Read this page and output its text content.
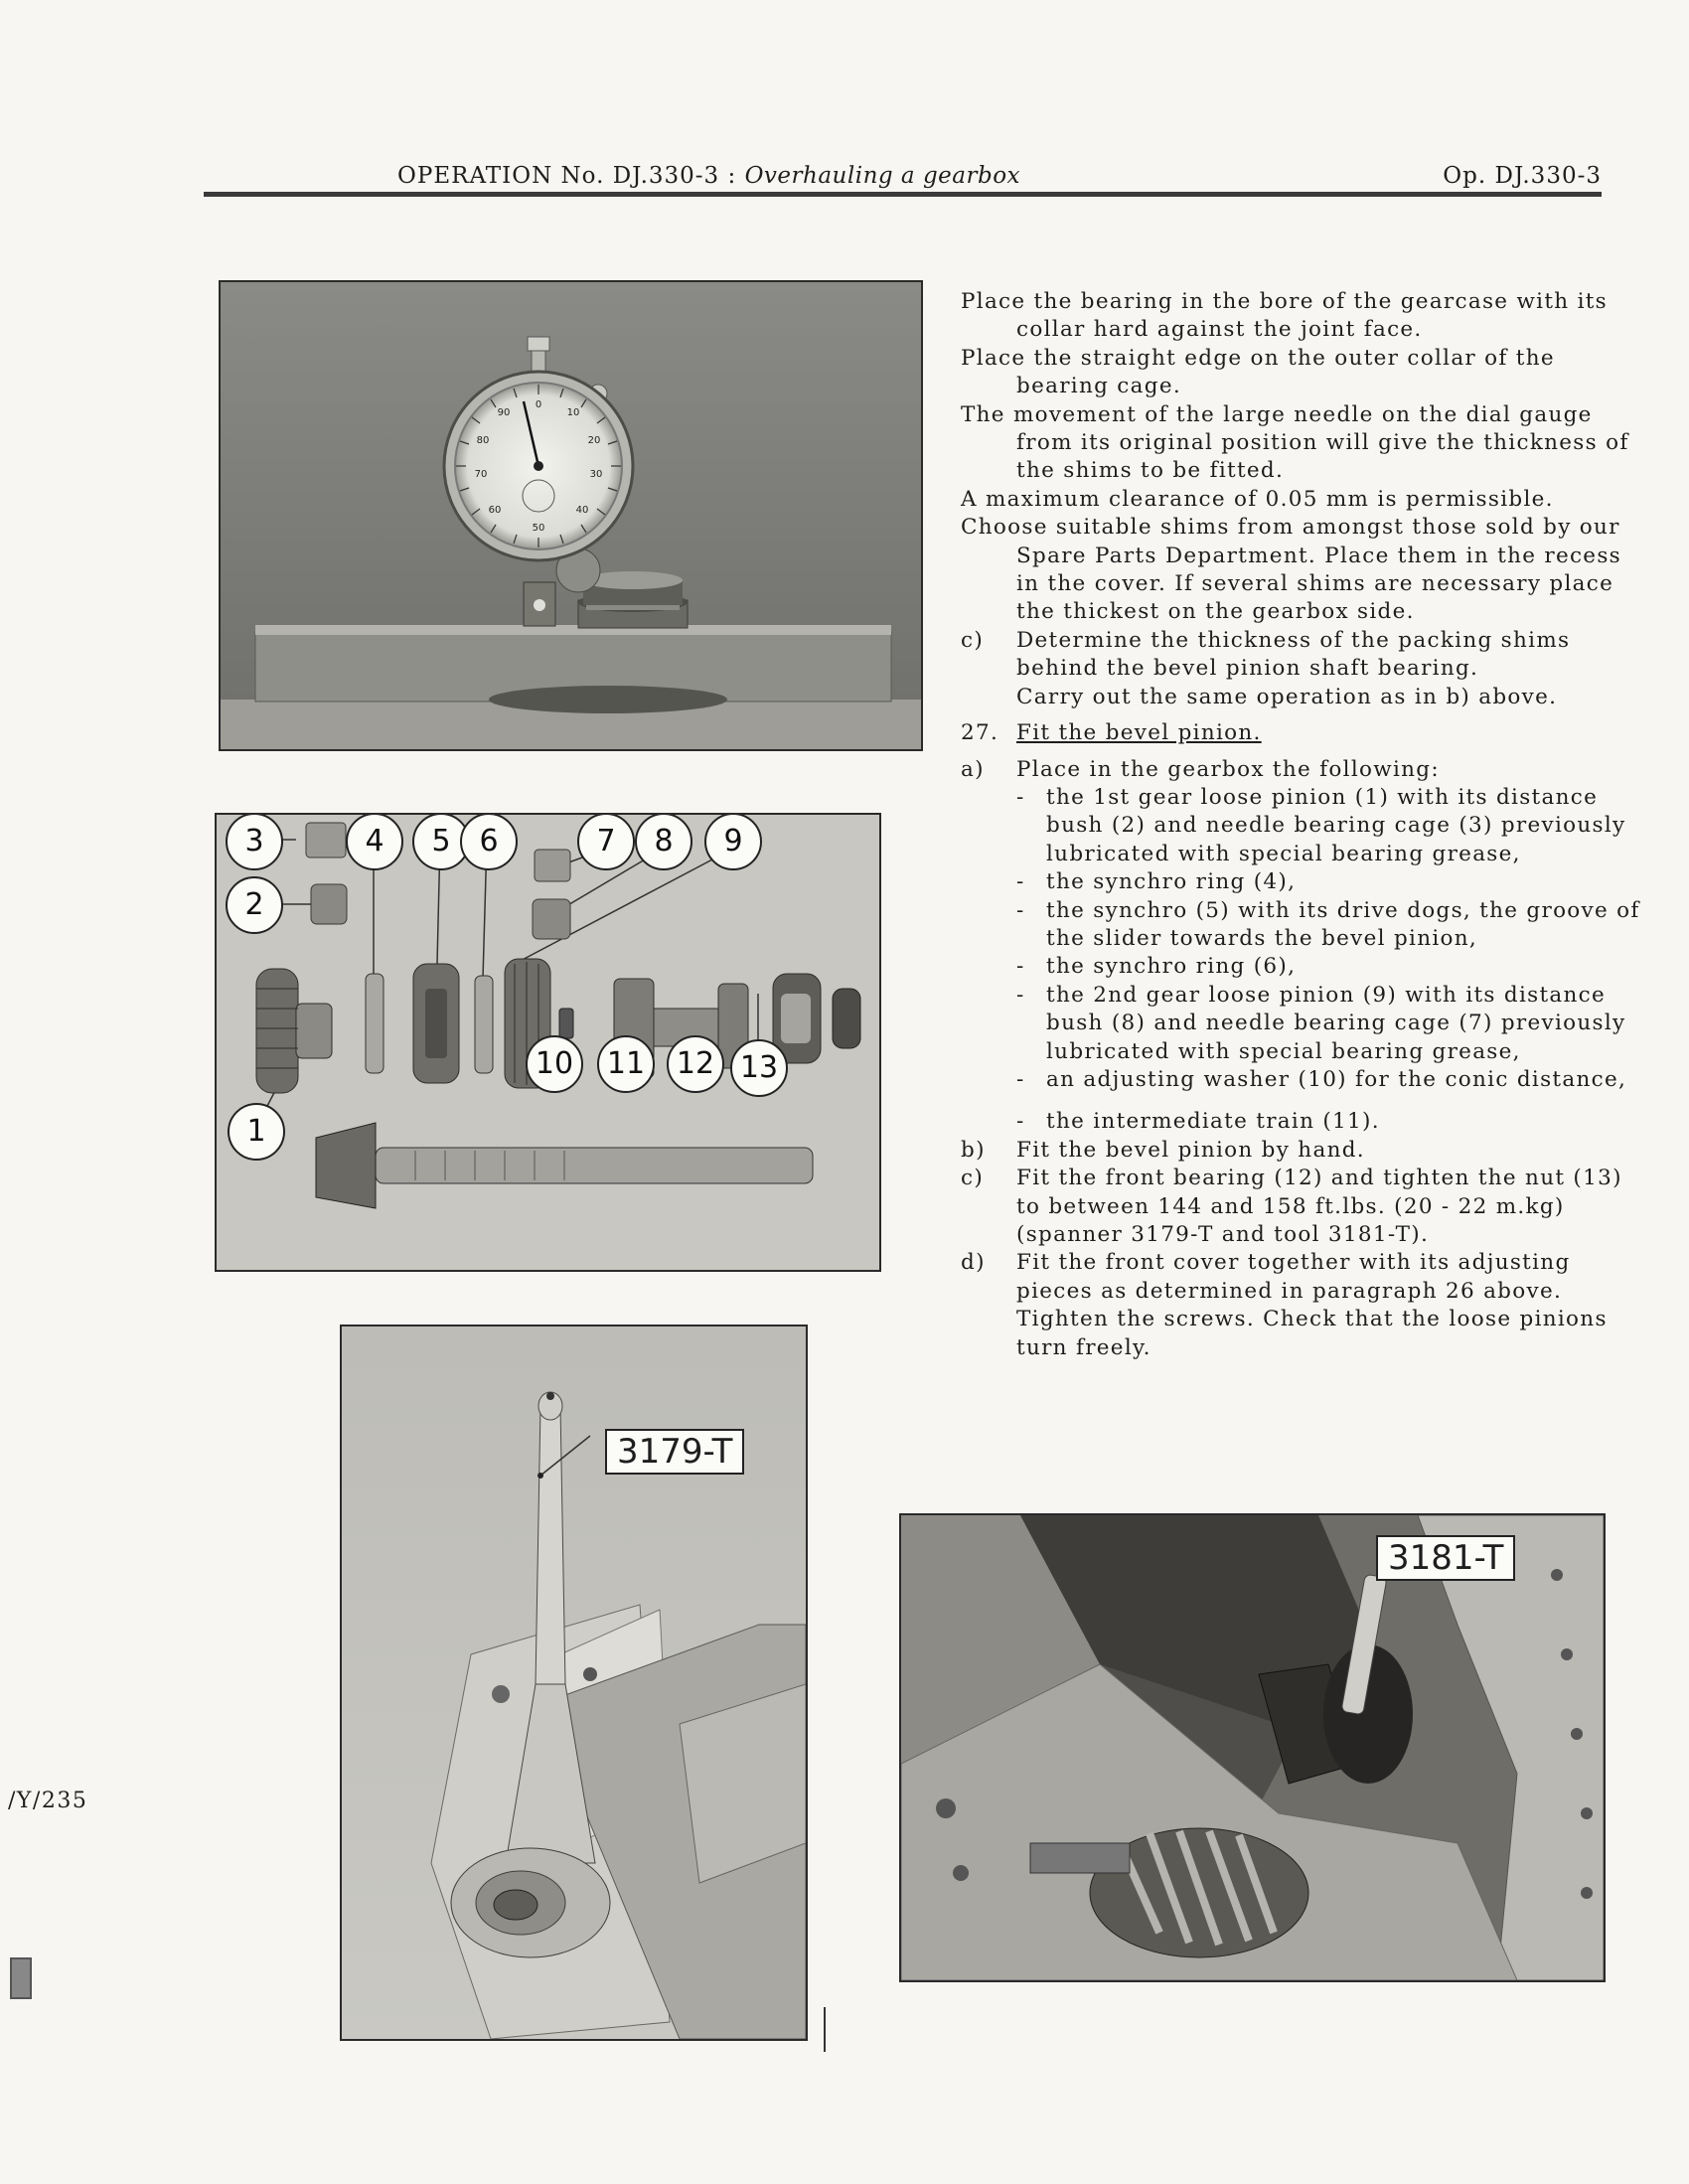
OPERATION No. DJ.330-3 : Overhauling a gearbox	Op. DJ.330-3
0
10
20
30
40
50
60
70
80
90
3	4	5 6	7	8	9
2
10	11	12 13
1
3179-T
3181-T

Place the bearing in the bore of the gearcase with its collar hard against the joint face.

Place the straight edge on the outer collar of the bearing cage.

The movement of the large needle on the dial gauge from its original position will give the thickness of the shims to be fitted.

A maximum clearance of 0.05 mm is permissible.

Choose suitable shims from amongst those sold by our Spare Parts Department. Place them in the recess in the cover. If several shims are necessary place the thickest on the gearbox side.

c) Determine the thickness of the packing shims behind the bevel pinion shaft bearing.

Carry out the same operation as in b) above.

27. Fit the bevel pinion.
a) Place in the gearbox the following:

- the 1st gear loose pinion (1) with its distance bush (2) and needle bearing cage (3) previously lubricated with special bearing grease,
- the synchro ring (4),
- the synchro (5) with its drive dogs, the groove of the slider towards the bevel pinion,
- the synchro ring (6),
- the 2nd gear loose pinion (9) with its distance bush (8) and needle bearing cage (7) previously lubricated with special bearing grease,
- an adjusting washer (10) for the conic distance,
- the intermediate train (11).
b) Fit the bevel pinion by hand.

c) Fit the front bearing (12) and tighten the nut (13) to between 144 and 158 ft.lbs. (20 - 22 m.kg) (spanner 3179-T and tool 3181-T).

d) Fit the front cover together with its adjusting pieces as determined in paragraph 26 above. Tighten the screws. Check that the loose pinions turn freely.

/Y/235
